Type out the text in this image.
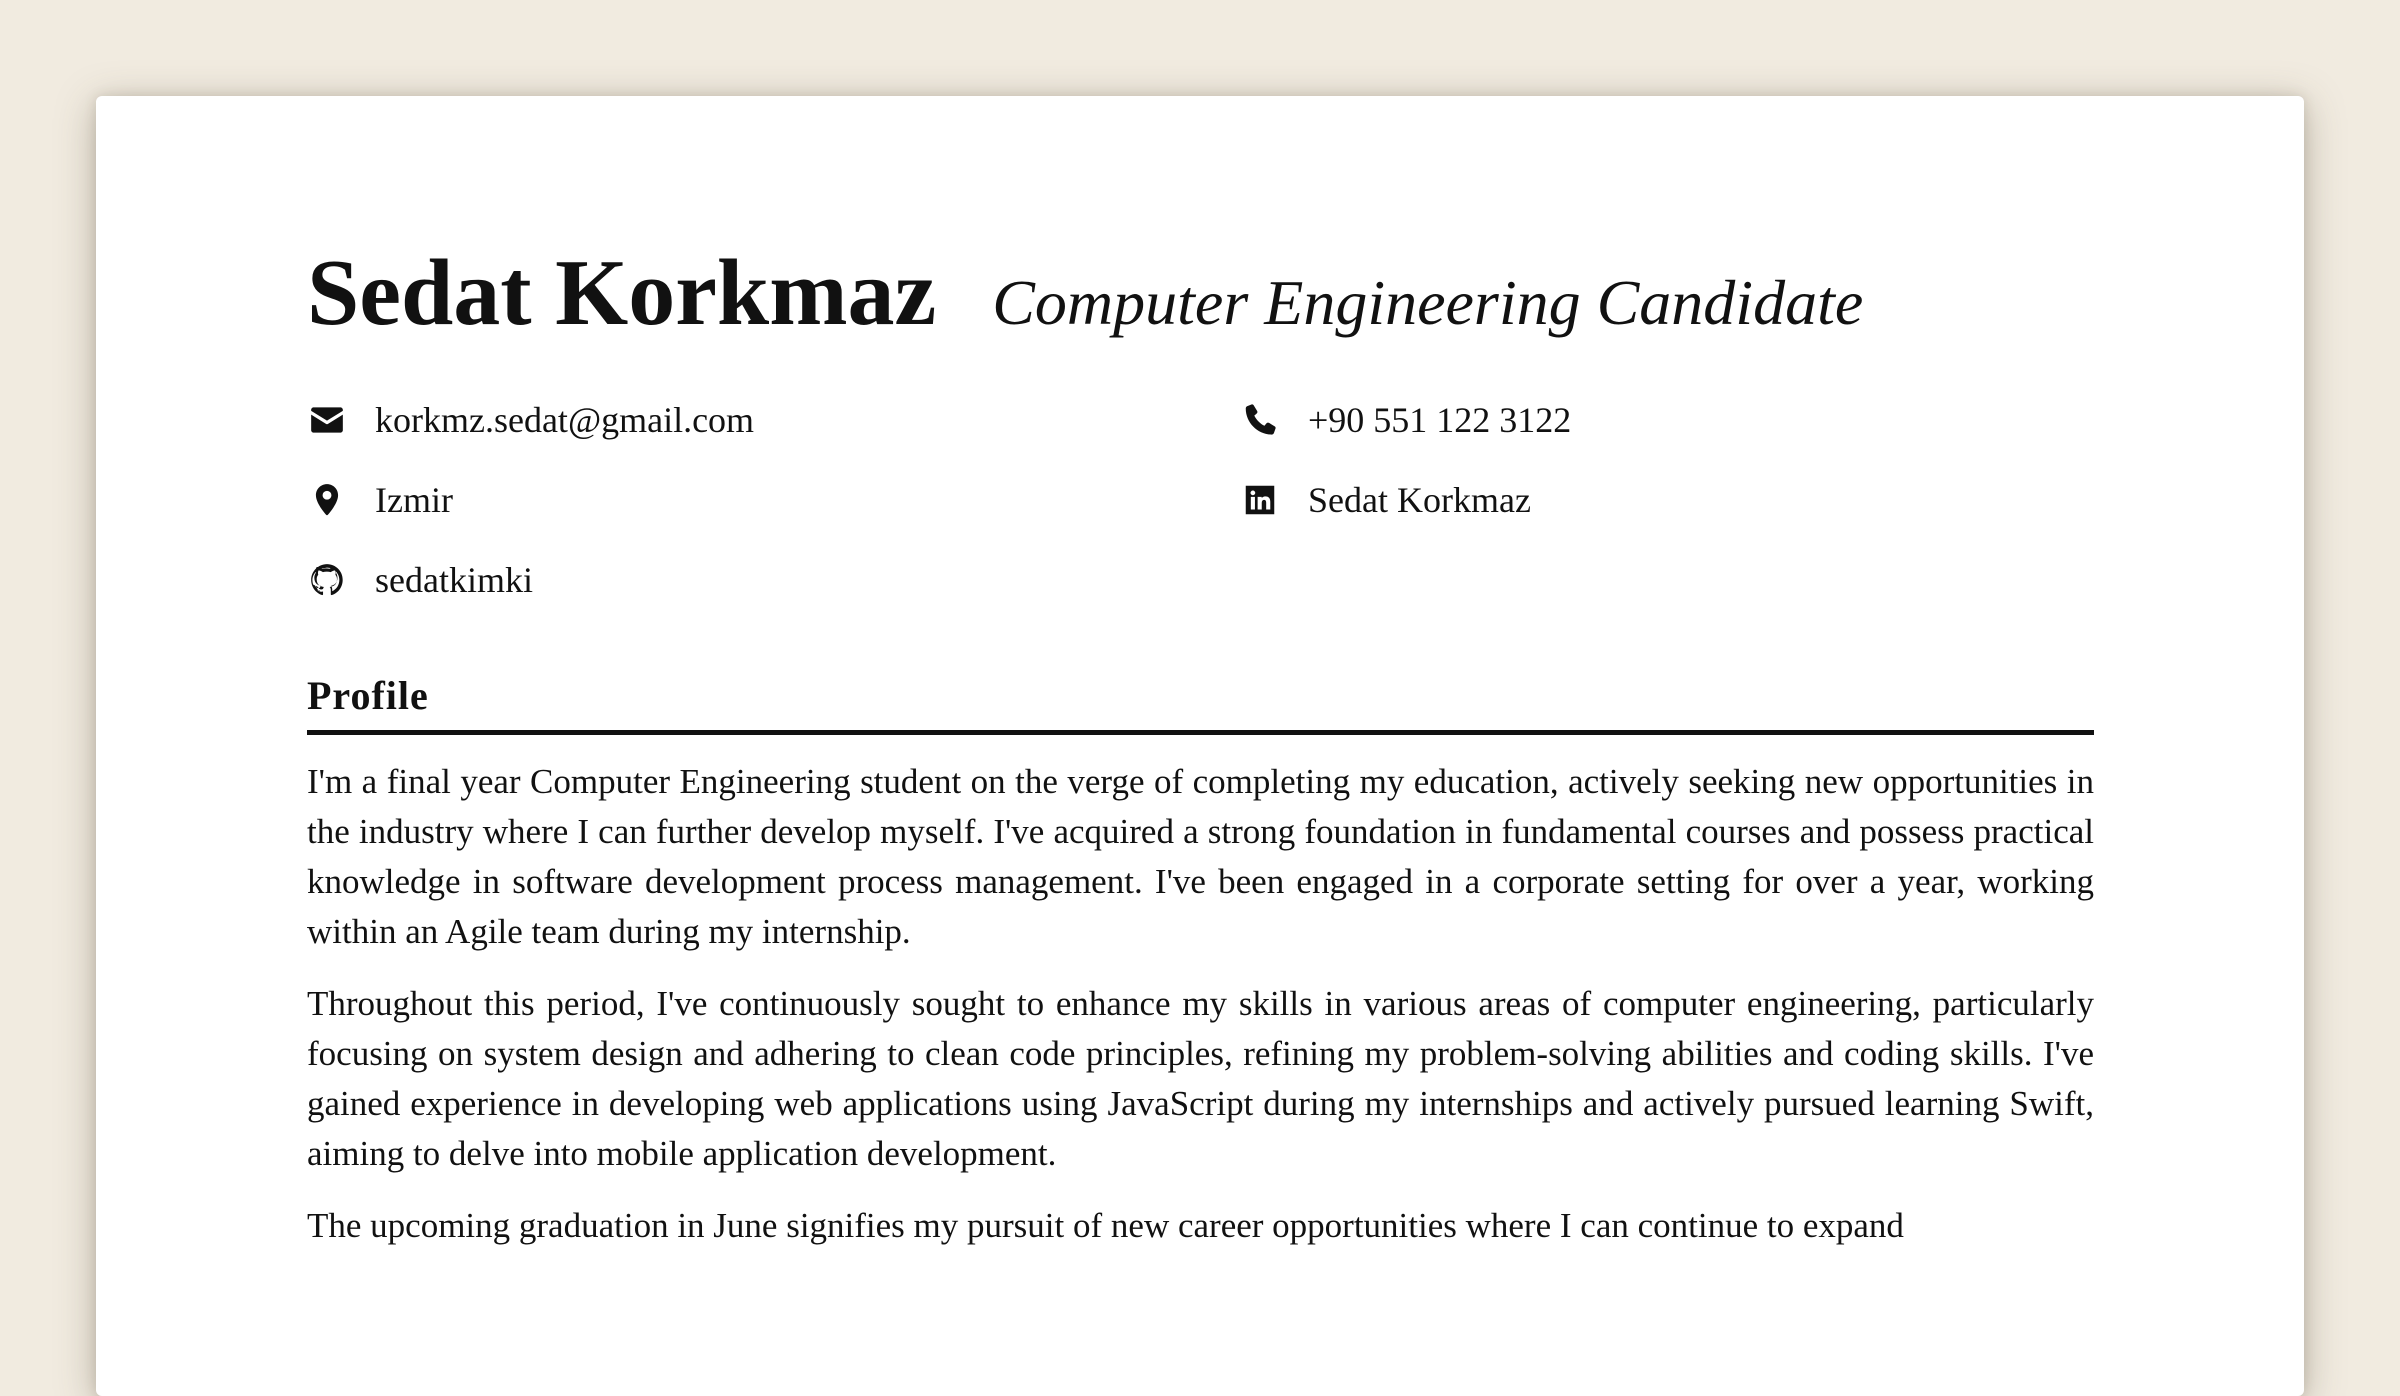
Sedat Korkmaz Computer Engineering Candidate
korkmz.sedat@gmail.com	+90 551 122 3122
Izmir	Sedat Korkmaz
sedatkimki
Profile

I'm a final year Computer Engineering student on the verge of completing my education, actively seeking new opportunities in the industry where I can further develop myself. I've acquired a strong foundation in fundamental courses and possess practical knowledge in software development process management. I've been engaged in a corporate setting for over a year, working within an Agile team during my internship.

Throughout this period, I've continuously sought to enhance my skills in various areas of computer engineering, particularly focusing on system design and adhering to clean code principles, refining my problem-solving abilities and coding skills. I've gained experience in developing web applications using JavaScript during my internships and actively pursued learning Swift, aiming to delve into mobile application development.

The upcoming graduation in June signifies my pursuit of new career opportunities where I can continue to expand
